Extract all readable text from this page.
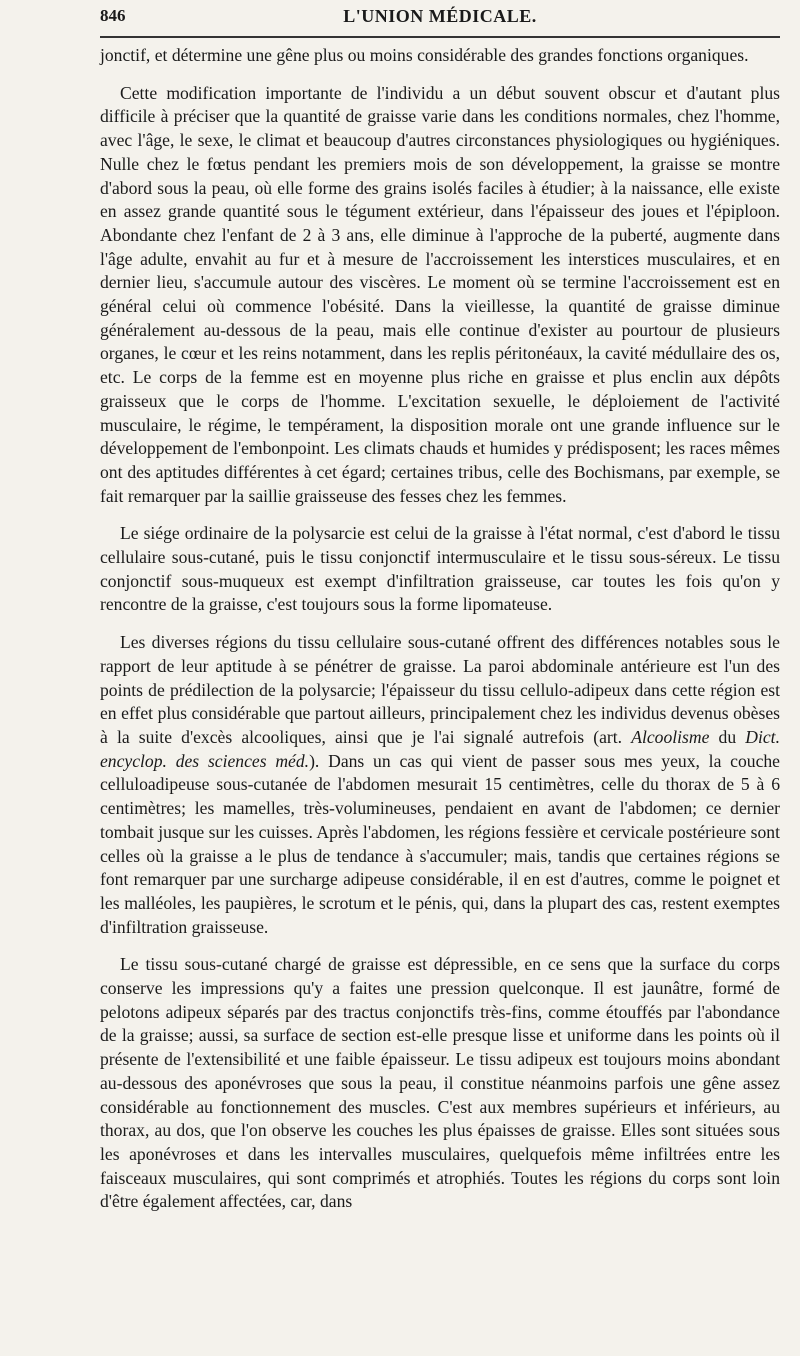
846	L'UNION MÉDICALE.

jonctif, et détermine une gêne plus ou moins considérable des grandes fonctions organiques.

Cette modification importante de l'individu a un début souvent obscur et d'autant plus difficile à préciser que la quantité de graisse varie dans les conditions normales, chez l'homme, avec l'âge, le sexe, le climat et beaucoup d'autres circonstances physiologiques ou hygiéniques. Nulle chez le fœtus pendant les premiers mois de son développement, la graisse se montre d'abord sous la peau, où elle forme des grains isolés faciles à étudier; à la naissance, elle existe en assez grande quantité sous le tégument extérieur, dans l'épaisseur des joues et l'épiploon. Abondante chez l'enfant de 2 à 3 ans, elle diminue à l'approche de la puberté, augmente dans l'âge adulte, envahit au fur et à mesure de l'accroissement les interstices musculaires, et en dernier lieu, s'accumule autour des viscères. Le moment où se termine l'accroissement est en général celui où commence l'obésité. Dans la vieillesse, la quantité de graisse diminue généralement au-dessous de la peau, mais elle continue d'exister au pourtour de plusieurs organes, le cœur et les reins notamment, dans les replis péritonéaux, la cavité médullaire des os, etc. Le corps de la femme est en moyenne plus riche en graisse et plus enclin aux dépôts graisseux que le corps de l'homme. L'excitation sexuelle, le déploiement de l'activité musculaire, le régime, le tempérament, la disposition morale ont une grande influence sur le développement de l'embonpoint. Les climats chauds et humides y prédisposent; les races mêmes ont des aptitudes différentes à cet égard; certaines tribus, celle des Bochismans, par exemple, se fait remarquer par la saillie graisseuse des fesses chez les femmes.

Le siége ordinaire de la polysarcie est celui de la graisse à l'état normal, c'est d'abord le tissu cellulaire sous-cutané, puis le tissu conjonctif intermusculaire et le tissu sous-séreux. Le tissu conjonctif sous-muqueux est exempt d'infiltration graisseuse, car toutes les fois qu'on y rencontre de la graisse, c'est toujours sous la forme lipomateuse.

Les diverses régions du tissu cellulaire sous-cutané offrent des différences notables sous le rapport de leur aptitude à se pénétrer de graisse. La paroi abdominale antérieure est l'un des points de prédilection de la polysarcie; l'épaisseur du tissu cellulo-adipeux dans cette région est en effet plus considérable que partout ailleurs, principalement chez les individus devenus obèses à la suite d'excès alcooliques, ainsi que je l'ai signalé autrefois (art. Alcoolisme du Dict. encyclop. des sciences méd.). Dans un cas qui vient de passer sous mes yeux, la couche celluloadipeuse sous-cutanée de l'abdomen mesurait 15 centimètres, celle du thorax de 5 à 6 centimètres; les mamelles, très-volumineuses, pendaient en avant de l'abdomen; ce dernier tombait jusque sur les cuisses. Après l'abdomen, les régions fessière et cervicale postérieure sont celles où la graisse a le plus de tendance à s'accumuler; mais, tandis que certaines régions se font remarquer par une surcharge adipeuse considérable, il en est d'autres, comme le poignet et les malléoles, les paupières, le scrotum et le pénis, qui, dans la plupart des cas, restent exemptes d'infiltration graisseuse.

Le tissu sous-cutané chargé de graisse est dépressible, en ce sens que la surface du corps conserve les impressions qu'y a faites une pression quelconque. Il est jaunâtre, formé de pelotons adipeux séparés par des tractus conjonctifs très-fins, comme étouffés par l'abondance de la graisse; aussi, sa surface de section est-elle presque lisse et uniforme dans les points où il présente de l'extensibilité et une faible épaisseur. Le tissu adipeux est toujours moins abondant au-dessous des aponévroses que sous la peau, il constitue néanmoins parfois une gêne assez considérable au fonctionnement des muscles. C'est aux membres supérieurs et inférieurs, au thorax, au dos, que l'on observe les couches les plus épaisses de graisse. Elles sont situées sous les aponévroses et dans les intervalles musculaires, quelquefois même infiltrées entre les faisceaux musculaires, qui sont comprimés et atrophiés. Toutes les régions du corps sont loin d'être également affectées, car, dans
